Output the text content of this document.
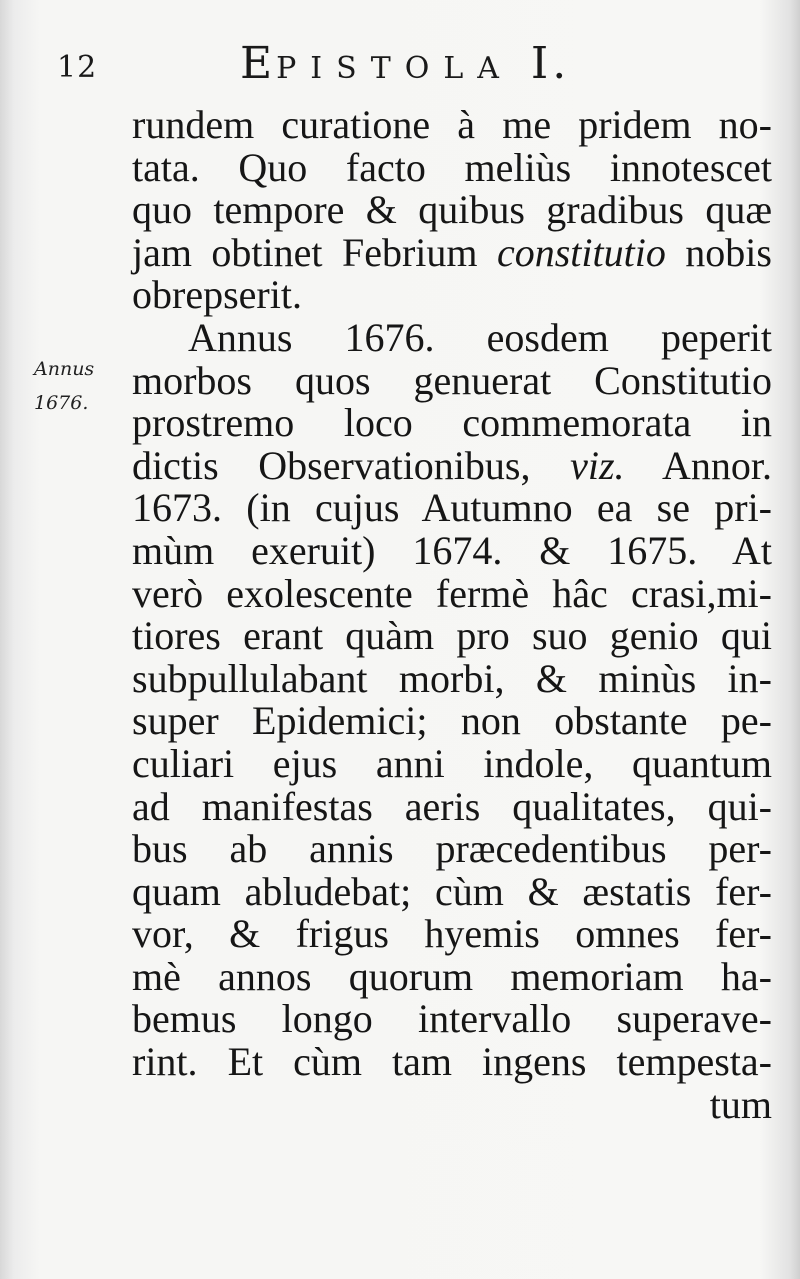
12	EPISTOLA I.
Annus
1676.
rundem curatione à me pridem no-
tata. Quo facto meliùs innotescet
quo tempore & quibus gradibus quæ
jam obtinet Febrium constitutio nobis
obrepserit.
Annus 1676. eosdem peperit
morbos quos genuerat Constitutio
prostremo loco commemorata in
dictis Observationibus, viz. Annor.
1673. (in cujus Autumno ea se pri-
mùm exeruit) 1674. & 1675. At
verò exolescente fermè hâc crasi,mi-
tiores erant quàm pro suo genio qui
subpullulabant morbi, & minùs in-
super Epidemici; non obstante pe-
culiari ejus anni indole, quantum
ad manifestas aeris qualitates, qui-
bus ab annis præcedentibus per-
quam abludebat; cùm & æstatis fer-
vor, & frigus hyemis omnes fer-
mè annos quorum memoriam ha-
bemus longo intervallo superave-
rint. Et cùm tam ingens tempesta-
tum
